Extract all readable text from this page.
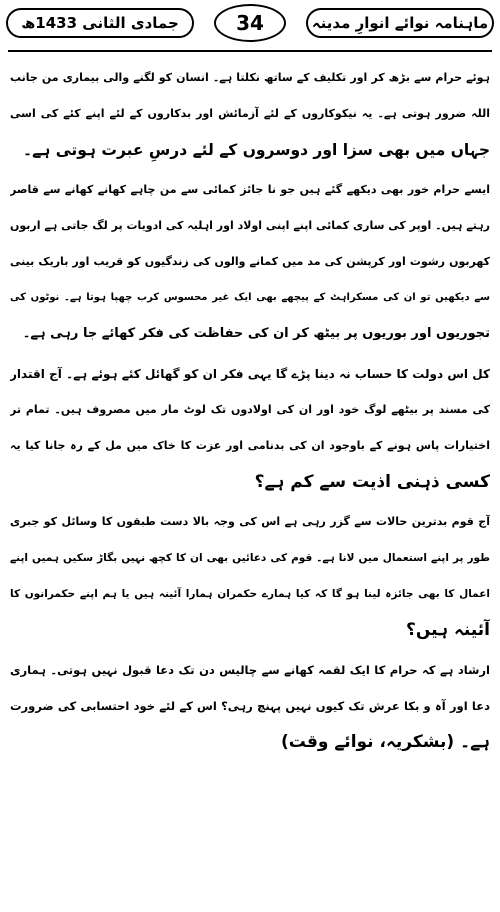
جمادی الثانی 1433ھ	34	ماہنامہ نوائے انوارِ مدینہ
ہوئے حرام سے بڑھ کر اور تکلیف کے ساتھ نکلتا ہے۔ انسان کو لگنے والی بیماری من جانب
اللہ ضرور ہوتی ہے۔ یہ نیکوکاروں کے لئے آزمائش اور بدکاروں کے لئے اپنے کئے کی اسی
جہاں میں بھی سزا اور دوسروں کے لئے درسِ عبرت ہوتی ہے۔
ایسے حرام خور بھی دیکھے گئے ہیں جو نا جائز کمائی سے من چاہے کھانے کھانے سے قاصر
رہتے ہیں۔ اوپر کی ساری کمائی اپنے اپنی اولاد اور اہلیہ کی ادویات پر لگ جاتی ہے اربوں
کھربوں رشوت اور کرپشن کی مد میں کمانے والوں کی زندگیوں کو قریب اور باریک بینی
سے دیکھیں تو ان کی مسکراہٹ کے پیچھے بھی ایک غیر محسوس کرب چھپا ہوتا ہے۔ نوٹوں کی
تجوریوں اور بوریوں پر بیٹھ کر ان کی حفاظت کی فکر کھائے جا رہی ہے۔
کل اس دولت کا حساب نہ دینا پڑے گا یہی فکر ان کو گھائل کئے ہوئے ہے۔ آج اقتدار
کی مسند پر بیٹھے لوگ خود اور ان کی اولادوں تک لوٹ مار میں مصروف ہیں۔ تمام تر
اختیارات پاس ہونے کے باوجود ان کی بدنامی اور عزت کا خاک میں مل کے رہ جانا کیا یہ
کسی ذہنی اذیت سے کم ہے؟
آج قوم بدترین حالات سے گزر رہی ہے اس کی وجہ بالا دست طبقوں کا وسائل کو جبری
طور پر اپنے استعمال میں لانا ہے۔ قوم کی دعائیں بھی ان کا کچھ نہیں بگاڑ سکیں ہمیں اپنے
اعمال کا بھی جائزہ لینا ہو گا کہ کیا ہمارے حکمران ہمارا آئینہ ہیں یا ہم اپنے حکمرانوں کا
آئینہ ہیں؟
ارشاد ہے کہ حرام کا ایک لقمہ کھانے سے چالیس دن تک دعا قبول نہیں ہوتی۔ ہماری
دعا اور آہ و بکا عرش تک کیوں نہیں پہنچ رہی؟ اس کے لئے خود احتسابی کی ضرورت
ہے۔ (بشکریہ، نوائے وقت)
